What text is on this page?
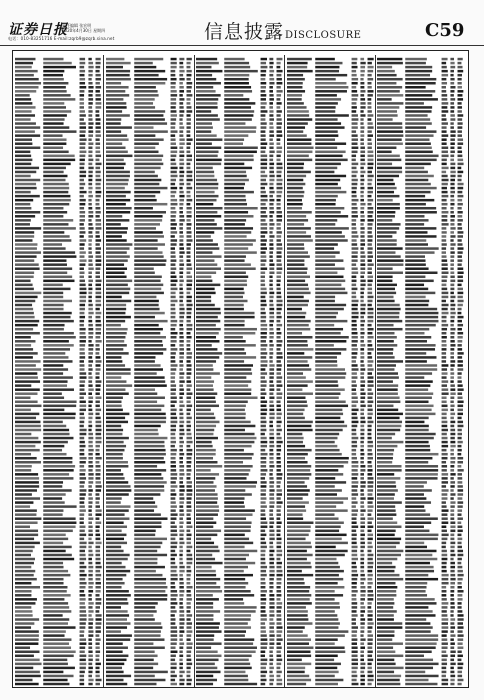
证券日报
责任编辑 张宏明
2020年4月30日 星期四
电话：010-83251716 E-mail:zqrb9@zqrb.sina.net	信息披露DISCLOSURE	C59
